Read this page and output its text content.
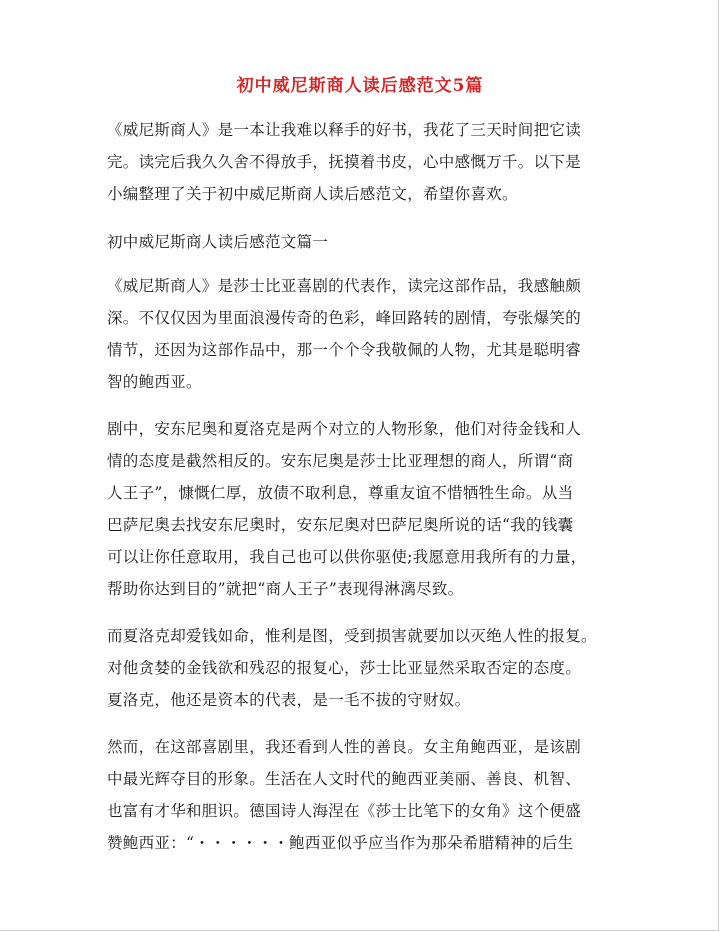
初中威尼斯商人读后感范文5篇

《威尼斯商人》是一本让我难以释手的好书，我花了三天时间把它读
完。读完后我久久舍不得放手，抚摸着书皮，心中感慨万千。以下是
小编整理了关于初中威尼斯商人读后感范文，希望你喜欢。

初中威尼斯商人读后感范文篇一

《威尼斯商人》是莎士比亚喜剧的代表作，读完这部作品，我感触颇
深。不仅仅因为里面浪漫传奇的色彩，峰回路转的剧情，夸张爆笑的
情节，还因为这部作品中，那一个个令我敬佩的人物，尤其是聪明睿
智的鲍西亚。

剧中，安东尼奥和夏洛克是两个对立的人物形象，他们对待金钱和人
情的态度是截然相反的。安东尼奥是莎士比亚理想的商人，所谓“商
人王子”，慷慨仁厚，放债不取利息，尊重友谊不惜牺牲生命。从当
巴萨尼奥去找安东尼奥时，安东尼奥对巴萨尼奥所说的话“我的钱囊
可以让你任意取用，我自己也可以供你驱使;我愿意用我所有的力量，
帮助你达到目的”就把“商人王子”表现得淋漓尽致。

而夏洛克却爱钱如命，惟利是图，受到损害就要加以灭绝人性的报复。
对他贪婪的金钱欲和残忍的报复心，莎士比亚显然采取否定的态度。
夏洛克，他还是资本的代表，是一毛不拔的守财奴。

然而，在这部喜剧里，我还看到人性的善良。女主角鲍西亚，是该剧
中最光辉夺目的形象。生活在人文时代的鲍西亚美丽、善良、机智、
也富有才华和胆识。德国诗人海涅在《莎士比笔下的女角》这个便盛
赞鲍西亚：“・・・・・・鲍西亚似乎应当作为那朵希腊精神的后生
